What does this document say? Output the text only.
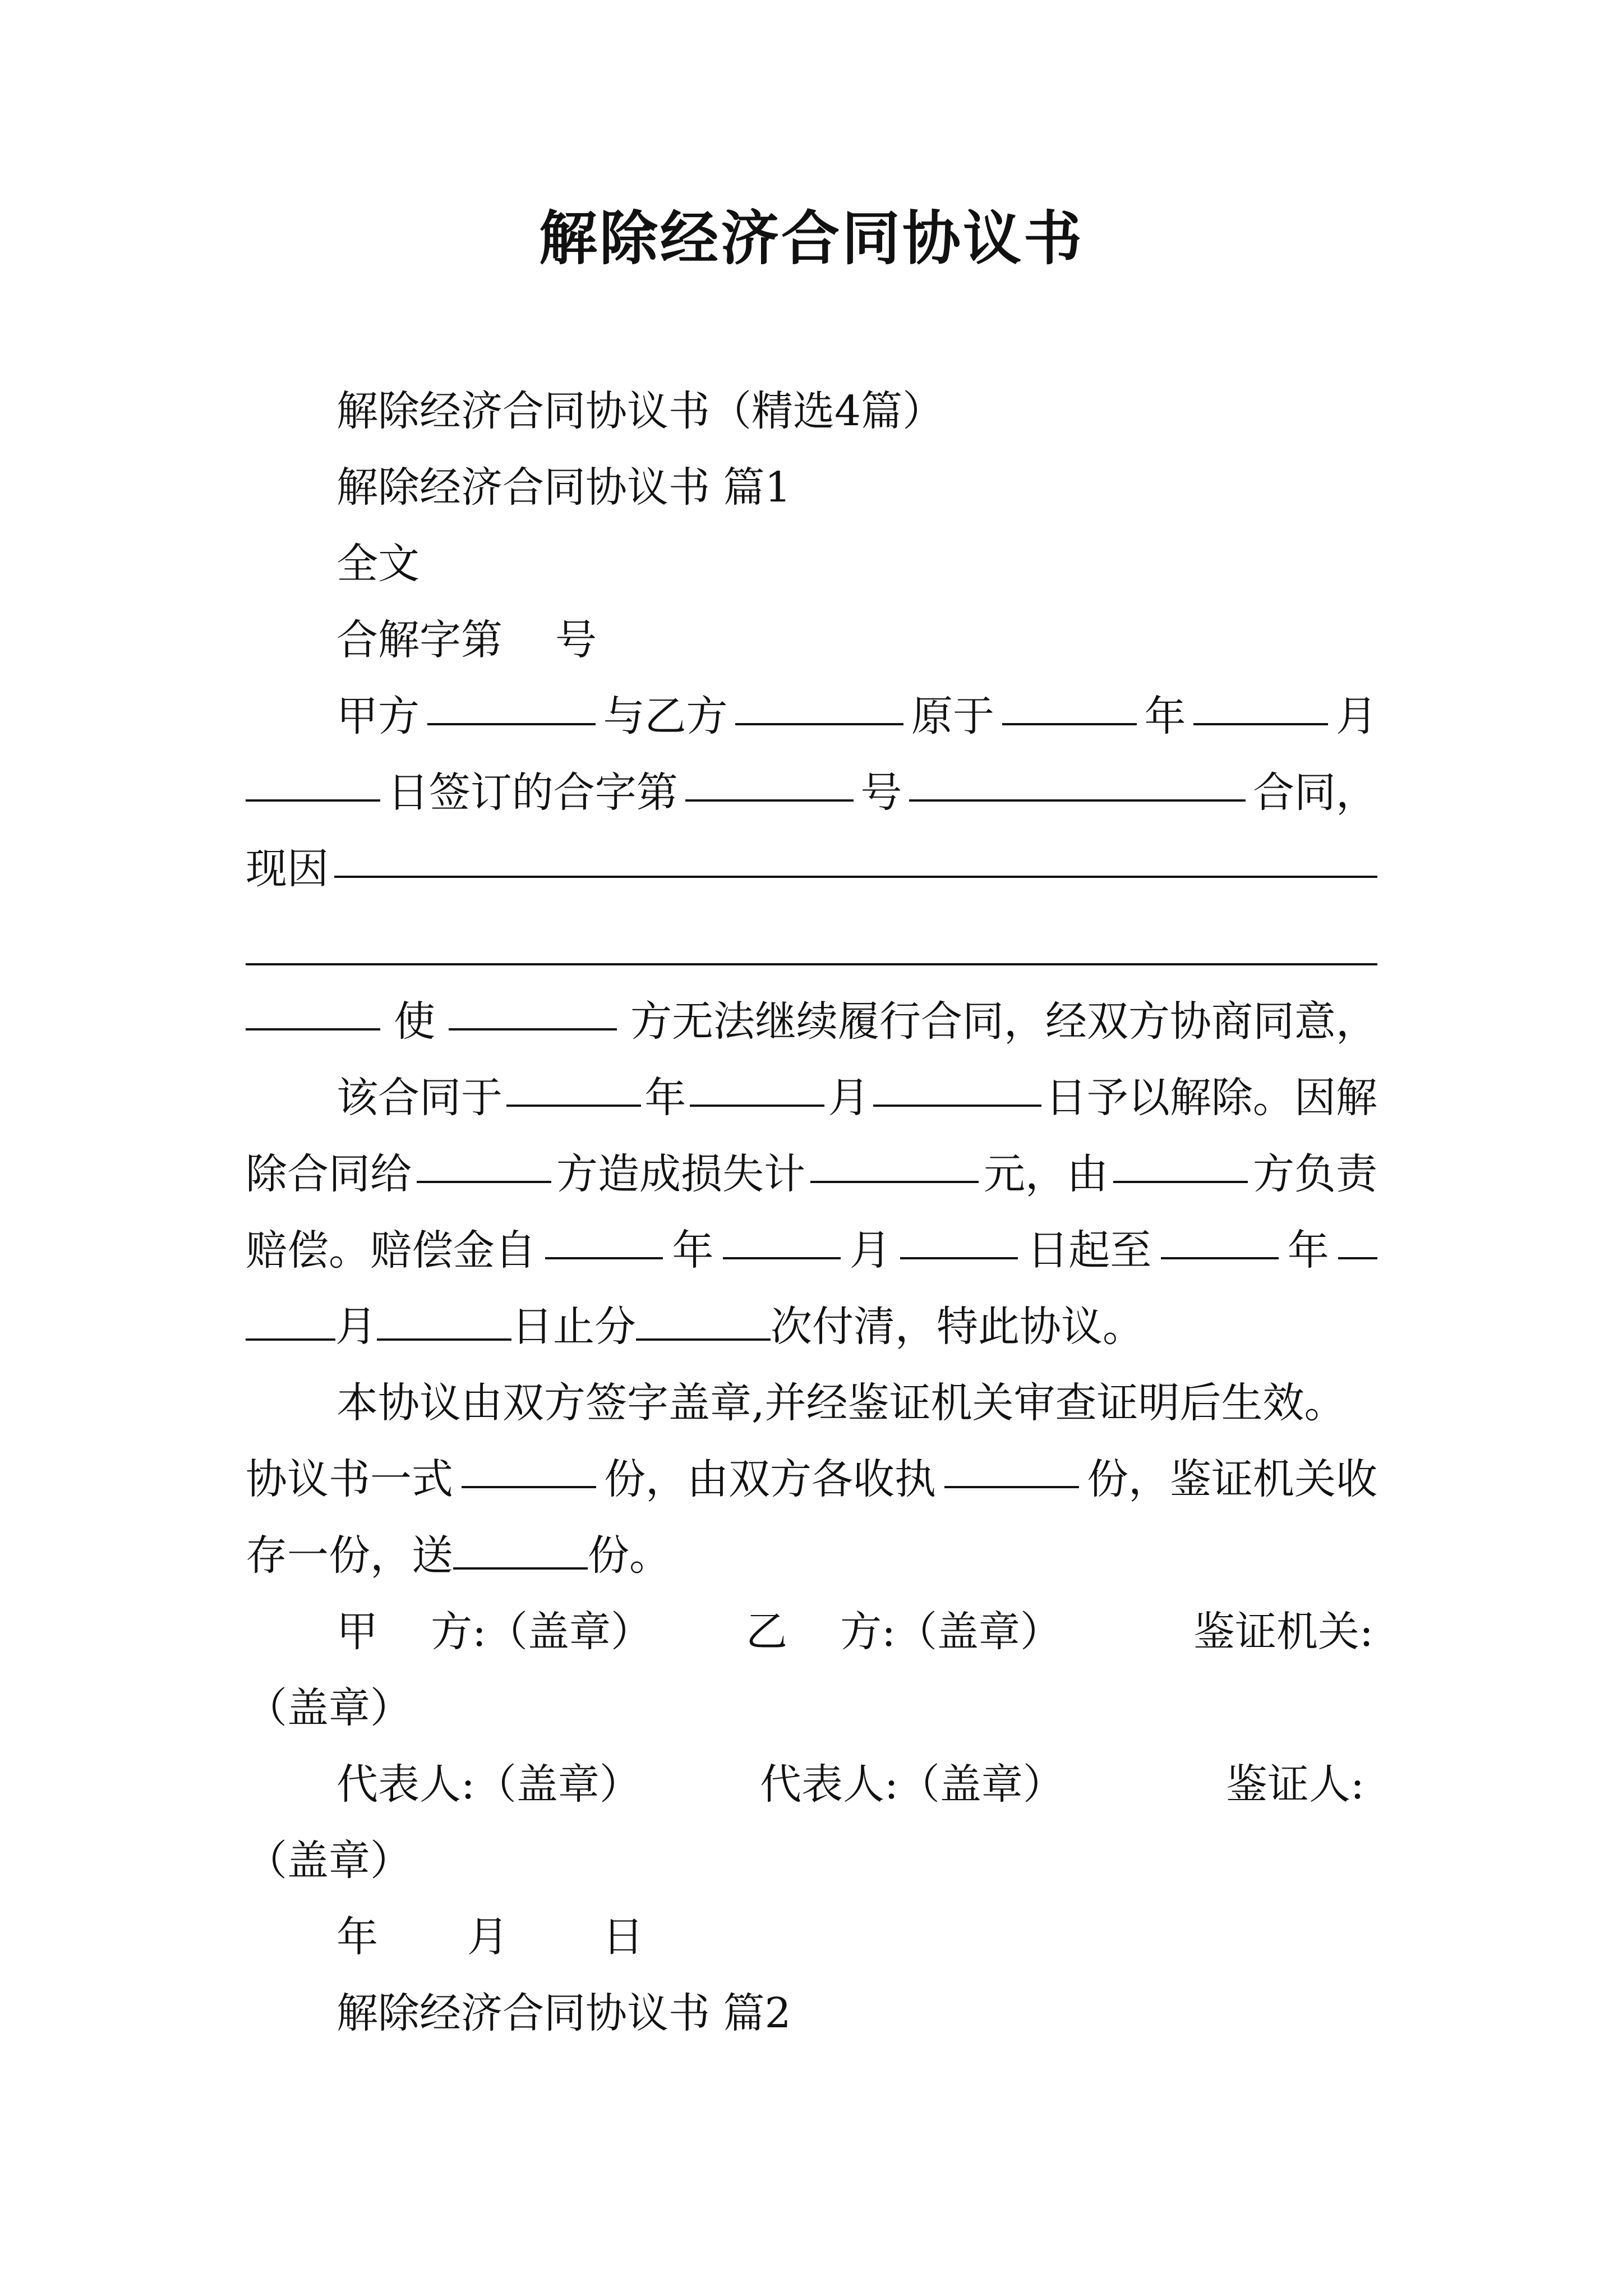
解除经济合同协议书
解除经济合同协议书（精选4篇）
解除经济合同协议书 篇1
全文
合解字第    号
甲方	与乙方	原于	年	月
日签订的合字第	号	合同，
现因
使	方无法继续履行合同，经双方协商同意，
该合同于	年	月	日予以解除。因解
除合同给	方造成损失计	元，由	方负责
赔偿。赔偿金自	年	月	日起至	年
月	日止分	次付清，特此协议。
本协议由双方签字盖章,并经鉴证机关审查证明后生效。
协议书一式	份，由双方各收执	份，鉴证机关收
存一份，送	份。
甲    方:（盖章） 乙    方:（盖章）	鉴证机关:
（盖章）
代表人:（盖章）	代表人:（盖章）	鉴证人:
（盖章）
年 月 日
解除经济合同协议书 篇2
